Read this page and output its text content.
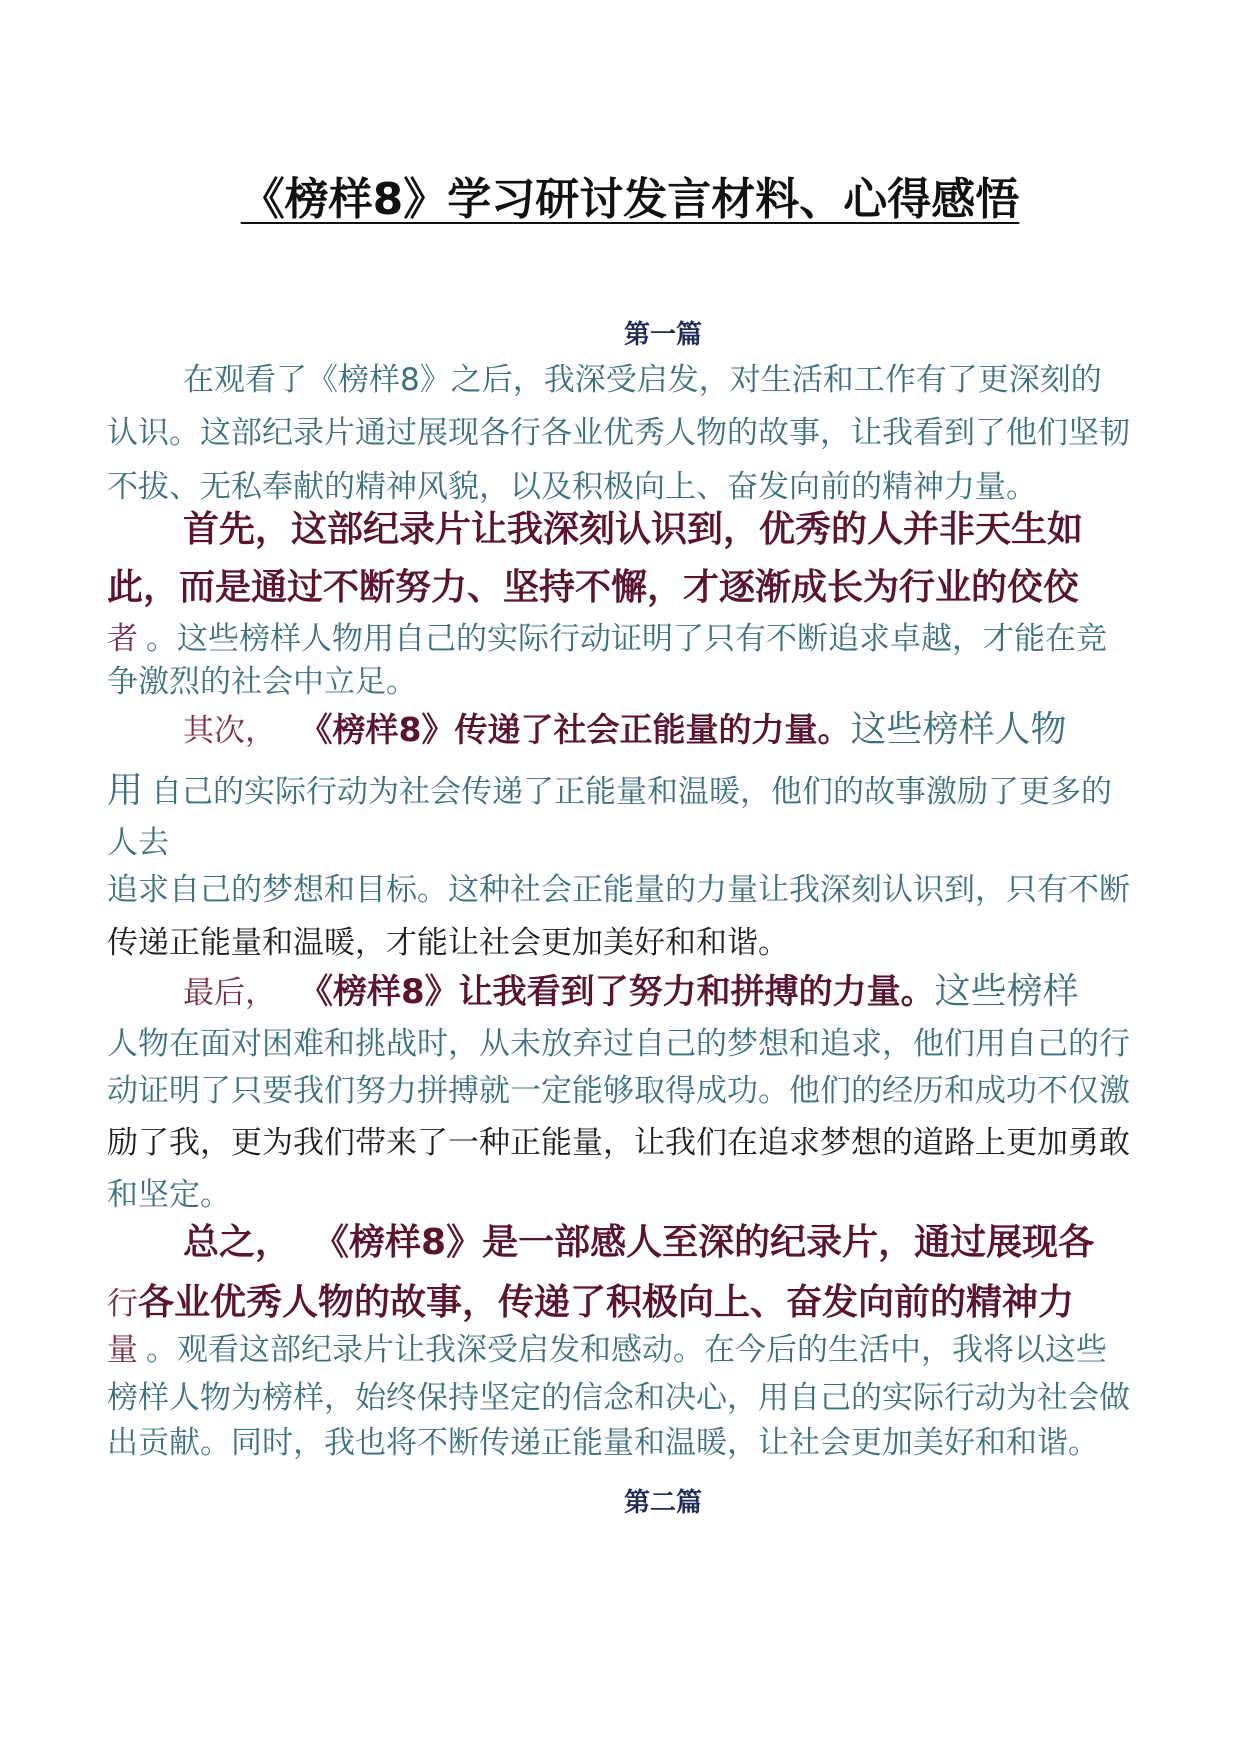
《榜样8》学习研讨发言材料、心得感悟
第一篇
在观看了《榜样8》之后，我深受启发，对生活和工作有了更深刻的
认识。这部纪录片通过展现各行各业优秀人物的故事，让我看到了他们坚韧
不拔、无私奉献的精神风貌，以及积极向上、奋发向前的精神力量。
首先，这部纪录片让我深刻认识到，优秀的人并非天生如
此，而是通过不断努力、坚持不懈，才逐渐成长为行业的佼佼
者 。这些榜样人物用自己的实际行动证明了只有不断追求卓越，才能在竞
争激烈的社会中立足。
其次， 《榜样8》传递了社会正能量的力量。这些榜样人物
用 自己的实际行动为社会传递了正能量和温暖，他们的故事激励了更多的
人去
追求自己的梦想和目标。这种社会正能量的力量让我深刻认识到，只有不断
传递正能量和温暖，才能让社会更加美好和和谐。
最后， 《榜样8》让我看到了努力和拼搏的力量。这些榜样
人物在面对困难和挑战时，从未放弃过自己的梦想和追求，他们用自己的行
动证明了只要我们努力拼搏就一定能够取得成功。他们的经历和成功不仅激
励了我，更为我们带来了一种正能量，让我们在追求梦想的道路上更加勇敢
和坚定。
总之， 《榜样8》是一部感人至深的纪录片，通过展现各
行各业优秀人物的故事，传递了积极向上、奋发向前的精神力
量 。观看这部纪录片让我深受启发和感动。在今后的生活中，我将以这些
榜样人物为榜样，始终保持坚定的信念和决心，用自己的实际行动为社会做
出贡献。同时，我也将不断传递正能量和温暖，让社会更加美好和和谐。
第二篇
